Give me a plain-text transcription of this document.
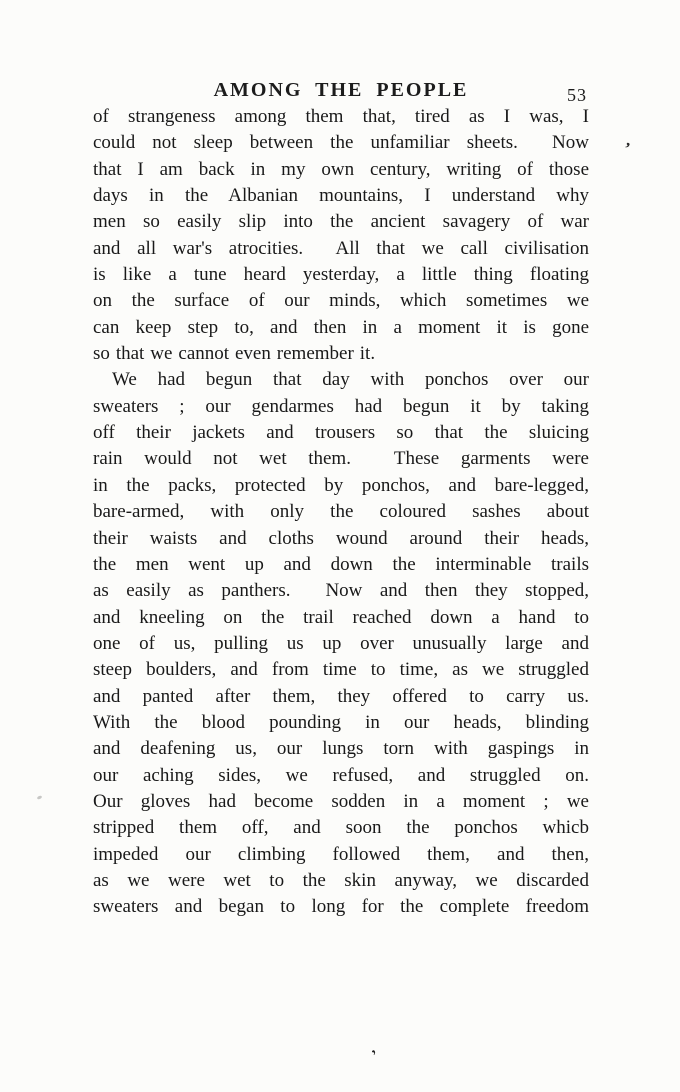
AMONG THE PEOPLE	53
of strangeness among them that, tired as I was, I
could not sleep between the unfamiliar sheets.  Now
that I am back in my own century, writing of those
days in the Albanian mountains, I understand why
men so easily slip into the ancient savagery of war
and all war's atrocities.  All that we call civilisation
is like a tune heard yesterday, a little thing floating
on the surface of our minds, which sometimes we
can keep step to, and then in a moment it is gone
so that we cannot even remember it.
We had begun that day with ponchos over our
sweaters ; our gendarmes had begun it by taking
off their jackets and trousers so that the sluicing
rain would not wet them.  These garments were
in the packs, protected by ponchos, and bare-legged,
bare-armed, with only the coloured sashes about
their waists and cloths wound around their heads,
the men went up and down the interminable trails
as easily as panthers.  Now and then they stopped,
and kneeling on the trail reached down a hand to
one of us, pulling us up over unusually large and
steep boulders, and from time to time, as we struggled
and panted after them, they offered to carry us.
With the blood pounding in our heads, blinding
and deafening us, our lungs torn with gaspings in
our aching sides, we refused, and struggled on.
Our gloves had become sodden in a moment ; we
stripped them off, and soon the ponchos whicb
impeded our climbing followed them, and then,
as we were wet to the skin anyway, we discarded
sweaters and began to long for the complete freedom
’
,
